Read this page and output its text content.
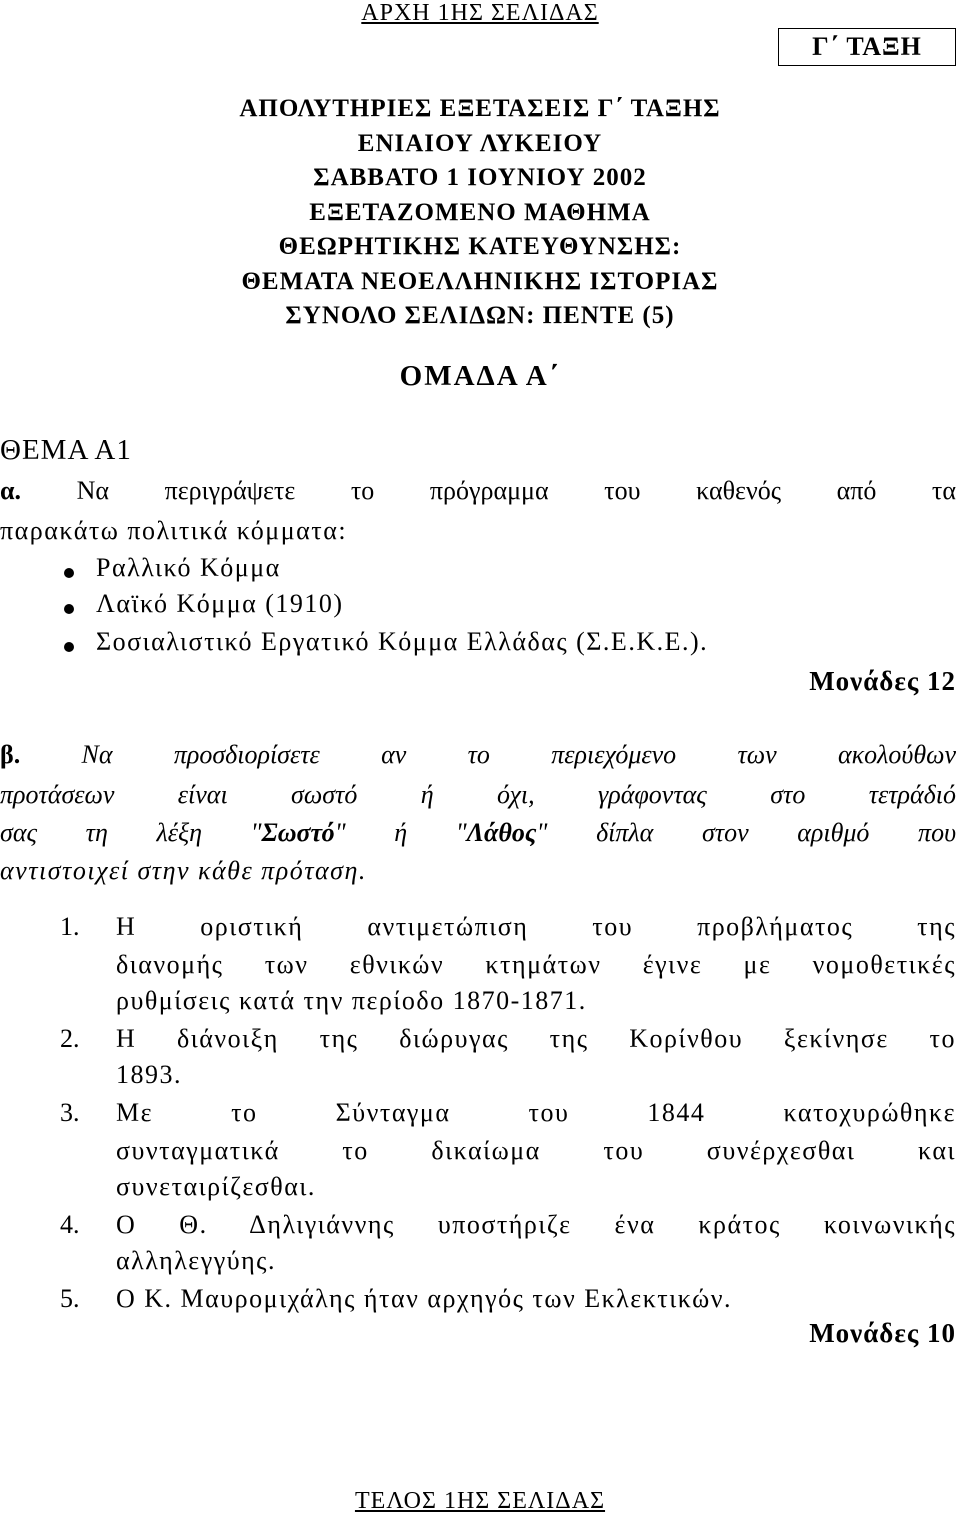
ΑΡΧΗ 1ΗΣ ΣΕΛΙΔΑΣ
Γ΄ ΤΑΞΗ
ΑΠΟΛΥΤΗΡΙΕΣ ΕΞΕΤΑΣΕΙΣ Γ΄ ΤΑΞΗΣ
ΕΝΙΑΙΟΥ ΛΥΚΕΙΟΥ
ΣΑΒΒΑΤΟ 1 ΙΟΥΝΙΟΥ 2002
ΕΞΕΤΑΖΟΜΕΝΟ ΜΑΘΗΜΑ
ΘΕΩΡΗΤΙΚΗΣ ΚΑΤΕΥΘΥΝΣΗΣ:
ΘΕΜΑΤΑ ΝΕΟΕΛΛΗΝΙΚΗΣ ΙΣΤΟΡΙΑΣ
ΣΥΝΟΛΟ ΣΕΛΙΔΩΝ: ΠΕΝΤΕ (5)
ΟΜΑΔΑ Α΄
ΘΕΜΑ Α1
α. Να περιγράψετε το πρόγραμμα του καθενός από τα
παρακάτω πολιτικά κόμματα:
Ραλλικό Κόμμα
Λαϊκό Κόμμα (1910)
Σοσιαλιστικό Εργατικό Κόμμα Ελλάδας (Σ.Ε.Κ.Ε.).
Μονάδες 12
β. Να προσδιορίσετε αν το περιεχόμενο των ακολούθων
προτάσεων είναι σωστό ή όχι, γράφοντας στο τετράδιό
σας τη λέξη "Σωστό" ή "Λάθος" δίπλα στον αριθμό που
αντιστοιχεί στην κάθε πρόταση.
1. Η οριστική αντιμετώπιση του προβλήματος της
διανομής των εθνικών κτημάτων έγινε με νομοθετικές
ρυθμίσεις κατά την περίοδο 1870-1871.
2. Η διάνοιξη της διώρυγας της Κορίνθου ξεκίνησε το
1893.
3. Με το Σύνταγμα του 1844 κατοχυρώθηκε
συνταγματικά το δικαίωμα του συνέρχεσθαι και
συνεταιρίζεσθαι.
4. Ο Θ. Δηλιγιάννης υποστήριζε ένα κράτος κοινωνικής
αλληλεγγύης.
5. Ο Κ. Μαυρομιχάλης ήταν αρχηγός των Εκλεκτικών.
Μονάδες 10
ΤΕΛΟΣ 1ΗΣ ΣΕΛΙΔΑΣ
